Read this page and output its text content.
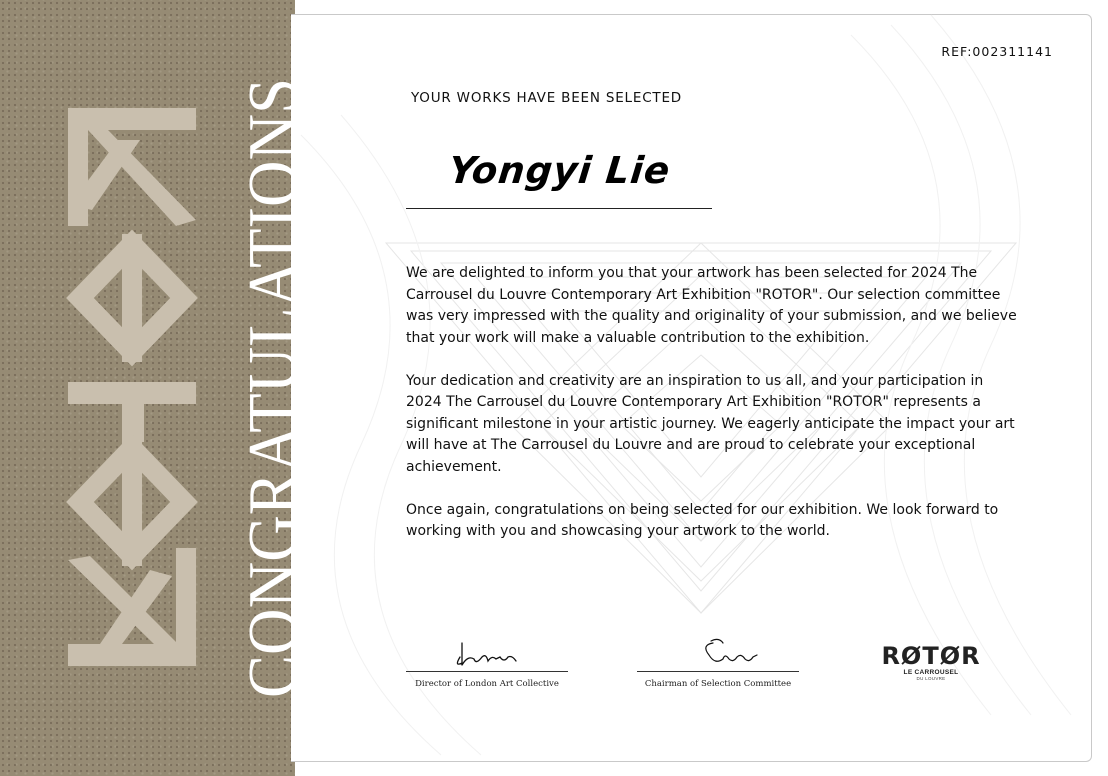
CONGRATULATIONS	REF:002311141
YOUR WORKS HAVE BEEN SELECTED
Yongyi Lie

We are delighted to inform you that your artwork has been selected for 2024 The Carrousel du Louvre Contemporary Art Exhibition "ROTOR". Our selection committee was very impressed with the quality and originality of your submission, and we believe that your work will make a valuable contribution to the exhibition.

Your dedication and creativity are an inspiration to us all, and your participation in 2024 The Carrousel du Louvre Contemporary Art Exhibition "ROTOR" represents a significant milestone in your artistic journey. We eagerly anticipate the impact your art will have at The Carrousel du Louvre and are proud to celebrate your exceptional achievement.

Once again, congratulations on being selected for our exhibition. We look forward to working with you and showcasing your artwork to the world.

Director of London Art Collective	Chairman of Selection Committee
RØTØR
LE CARROUSEL
DU LOUVRE
